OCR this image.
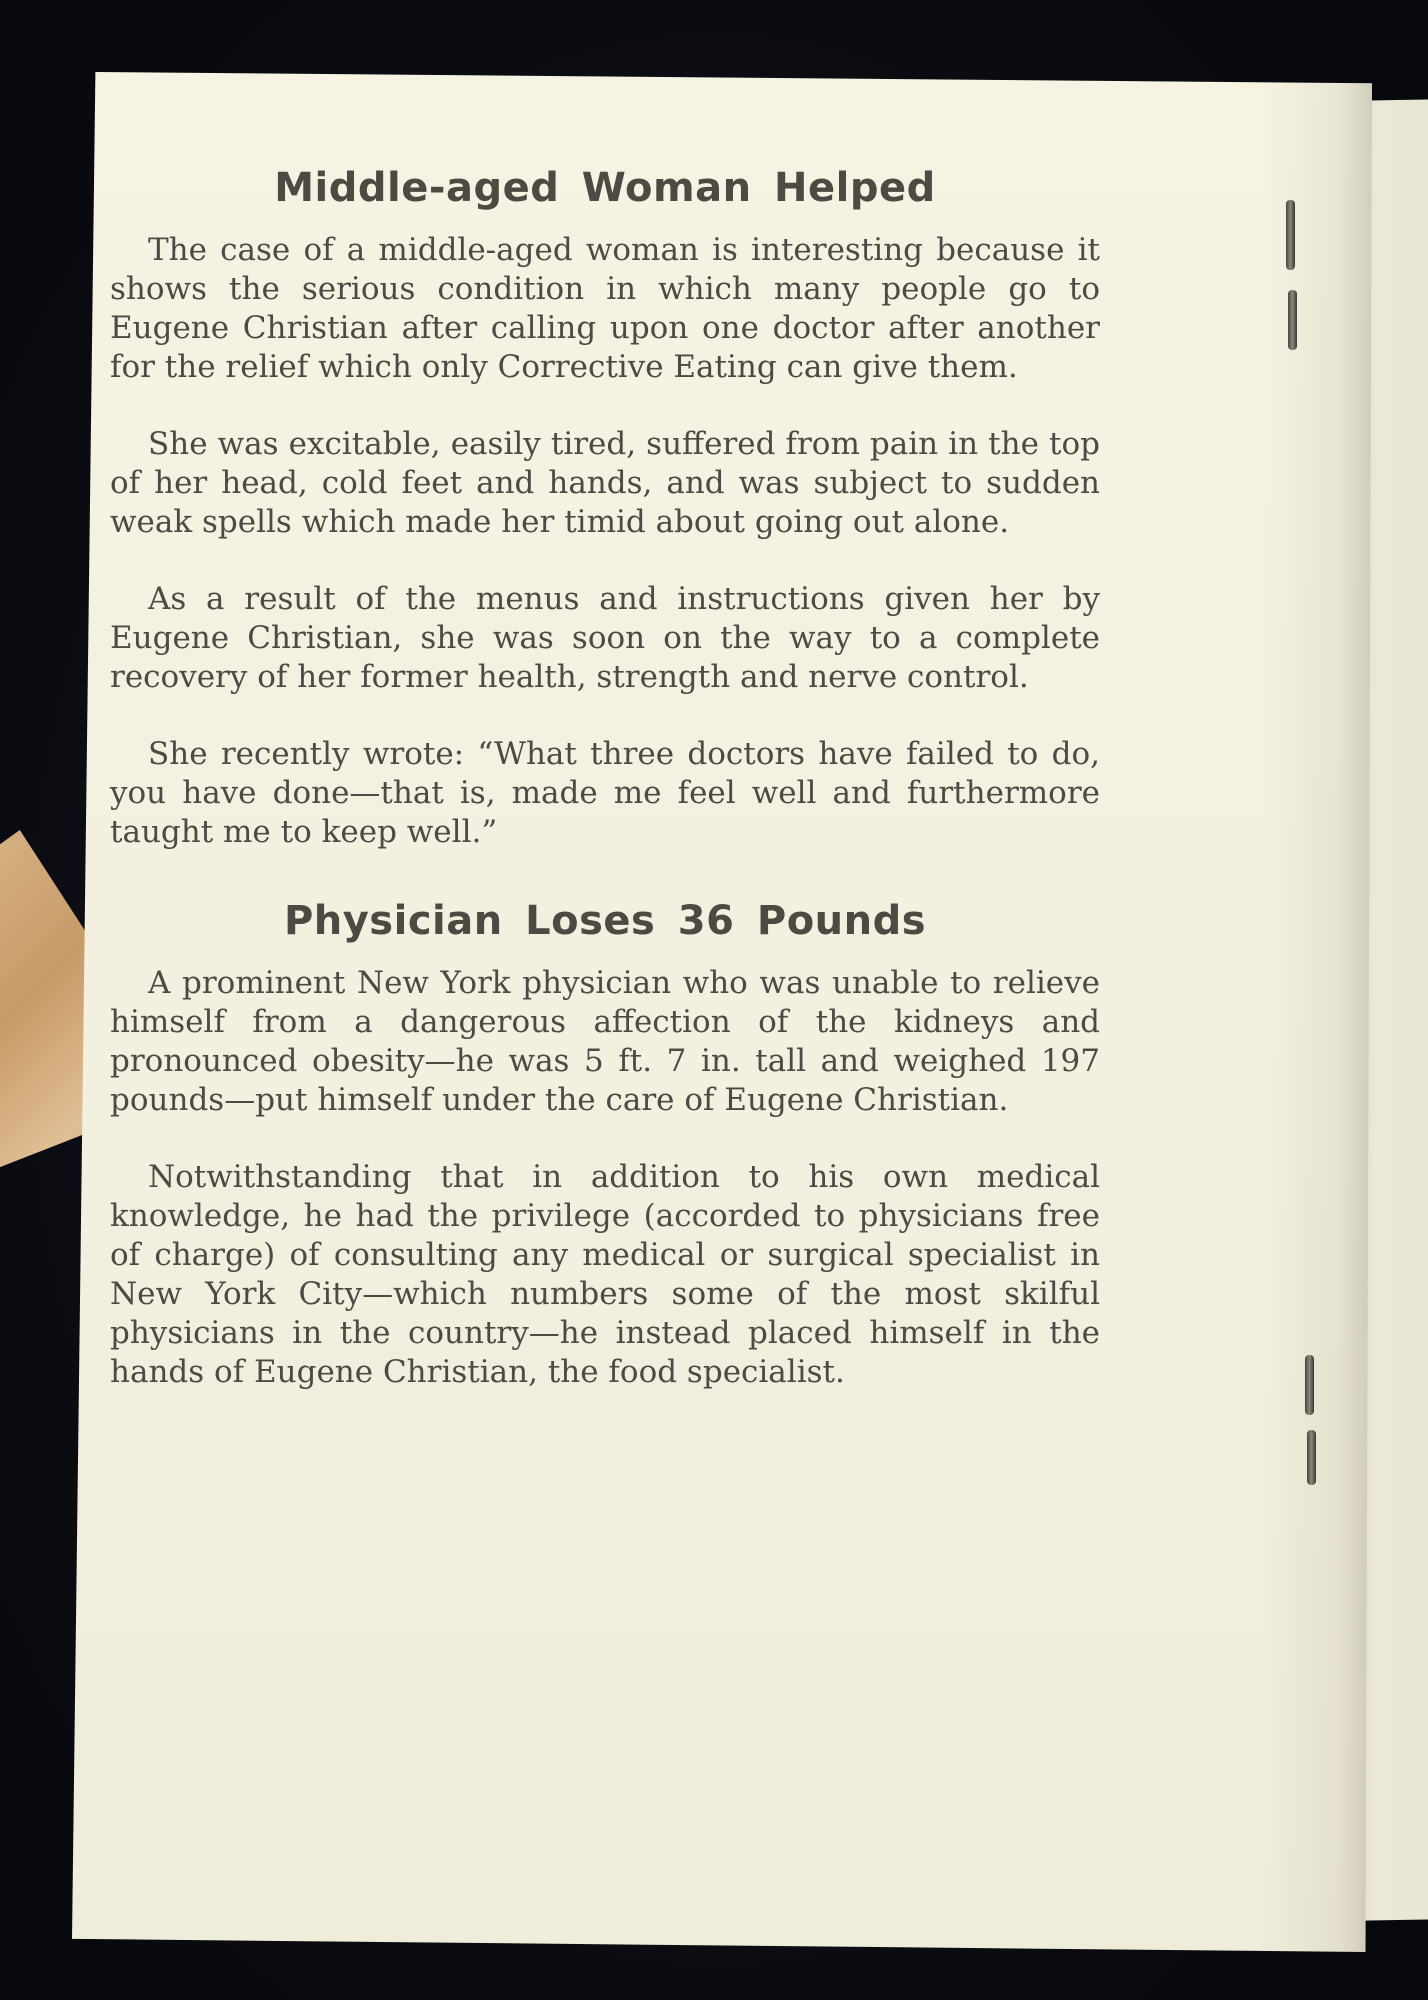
Middle-aged Woman Helped

The case of a middle-aged woman is interesting because it shows the serious condition in which many people go to Eugene Christian after calling upon one doctor after another for the relief which only Corrective Eating can give them.

She was excitable, easily tired, suffered from pain in the top of her head, cold feet and hands, and was subject to sudden weak spells which made her timid about going out alone.

As a result of the menus and instructions given her by Eugene Christian, she was soon on the way to a complete recovery of her former health, strength and nerve control.

She recently wrote: “What three doctors have failed to do, you have done—that is, made me feel well and furthermore taught me to keep well.”

Physician Loses 36 Pounds

A prominent New York physician who was unable to relieve himself from a dangerous affection of the kidneys and pronounced obesity—he was 5 ft. 7 in. tall and weighed 197 pounds—put himself under the care of Eugene Christian.

Notwithstanding that in addition to his own medical knowledge, he had the privilege (accorded to physicians free of charge) of consulting any medical or surgical specialist in New York City—which numbers some of the most skilful physicians in the country—he instead placed himself in the hands of Eugene Christian, the food specialist.
